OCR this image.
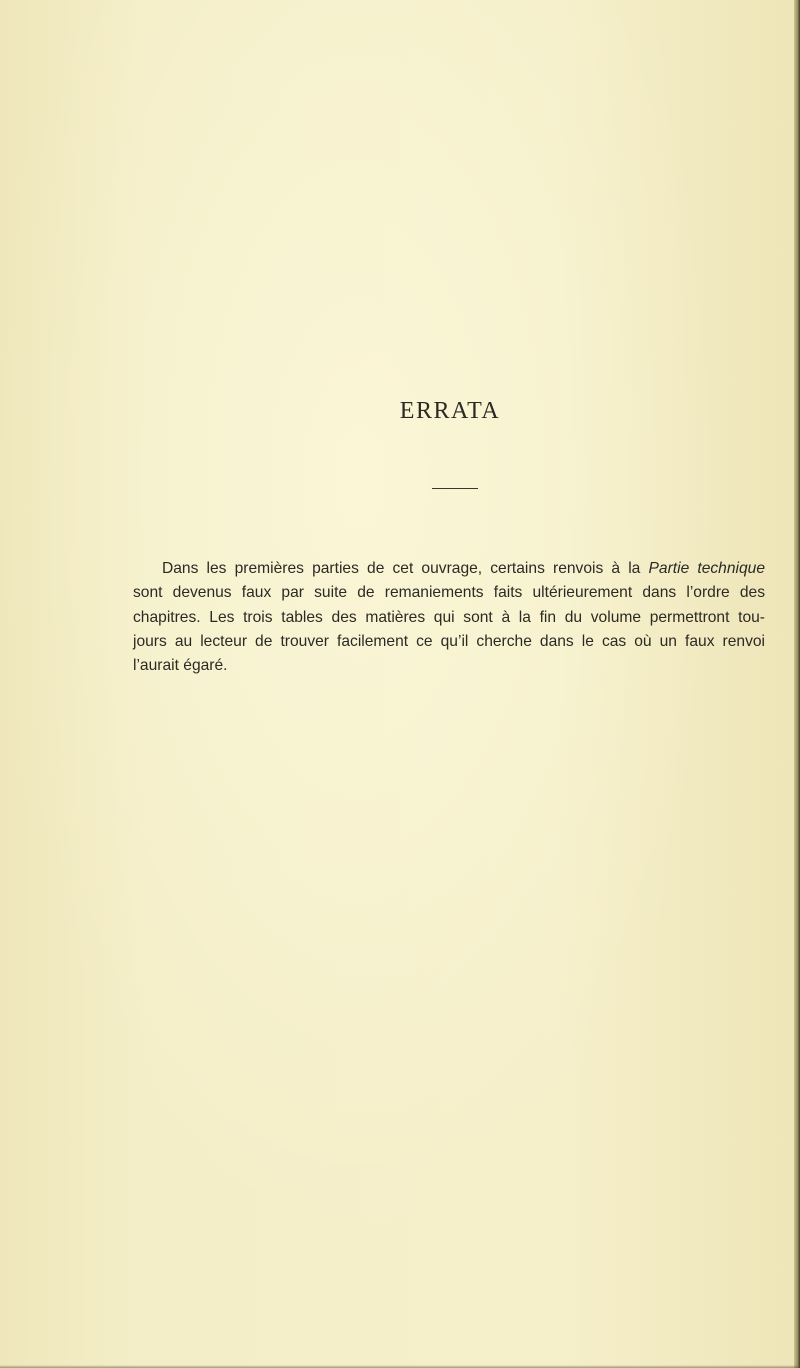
ERRATA
Dans les premières parties de cet ouvrage, certains renvois à la Partie technique
sont devenus faux par suite de remaniements faits ultérieurement dans l’ordre des
chapitres. Les trois tables des matières qui sont à la fin du volume permettront tou-
jours au lecteur de trouver facilement ce qu’il cherche dans le cas où un faux renvoi
l’aurait égaré.
